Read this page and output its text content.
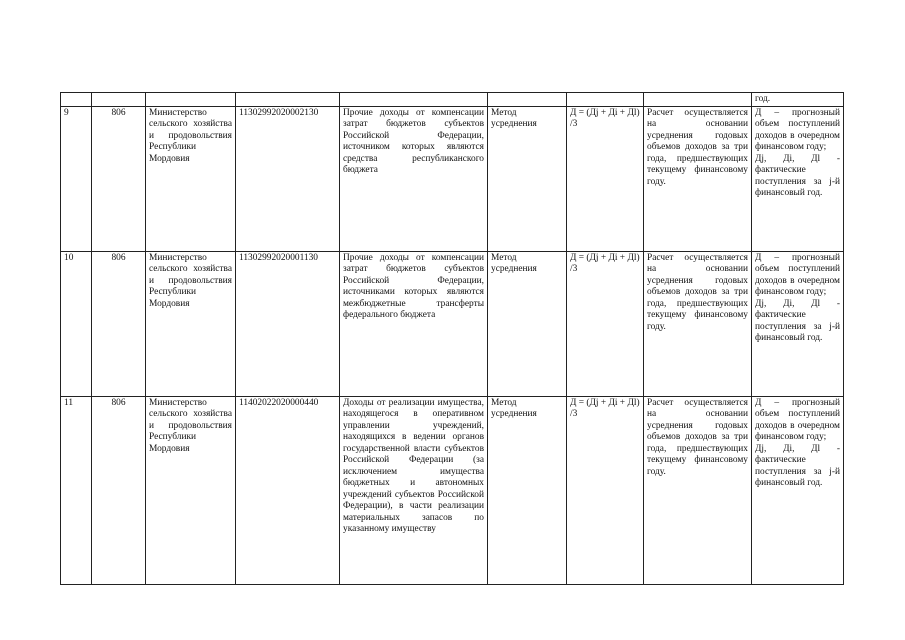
								год.

9	806	Министерство сельского хозяйства и продовольствия Республики Мордовия	11302992020002130	Прочие доходы от компенсации затрат бюджетов субъектов Российской Федерации, источником которых являются средства республиканского бюджета	Метод усреднения	Д = (Дj + Дi + Дl) /3	Расчет осуществляется на основании усреднения годовых объемов доходов за три года, предшествующих текущему финансовому году.	Д – прогнозный объем поступлений доходов в очередном финансовом году;
Дj, Дi, Дl - фактические поступления за j-й финансовый год.

10	806	Министерство сельского хозяйства и продовольствия Республики Мордовия	11302992020001130	Прочие доходы от компенсации затрат бюджетов субъектов Российской Федерации, источниками которых являются межбюджетные трансферты федерального бюджета	Метод усреднения	Д = (Дj + Дi + Дl) /3	Расчет осуществляется на основании усреднения годовых объемов доходов за три года, предшествующих текущему финансовому году.	Д – прогнозный объем поступлений доходов в очередном финансовом году;
Дj, Дi, Дl - фактические поступления за j-й финансовый год.

11	806	Министерство сельского хозяйства и продовольствия Республики Мордовия	11402022020000440	Доходы от реализации имущества, находящегося в оперативном управлении учреждений, находящихся в ведении органов государственной власти субъектов Российской Федерации (за исключением имущества бюджетных и автономных учреждений субъектов Российской Федерации), в части реализации материальных запасов по указанному имуществу	Метод усреднения	Д = (Дj + Дi + Дl) /3	Расчет осуществляется на основании усреднения годовых объемов доходов за три года, предшествующих текущему финансовому году.	Д – прогнозный объем поступлений доходов в очередном финансовом году;
Дj, Дi, Дl - фактические поступления за j-й финансовый год.
